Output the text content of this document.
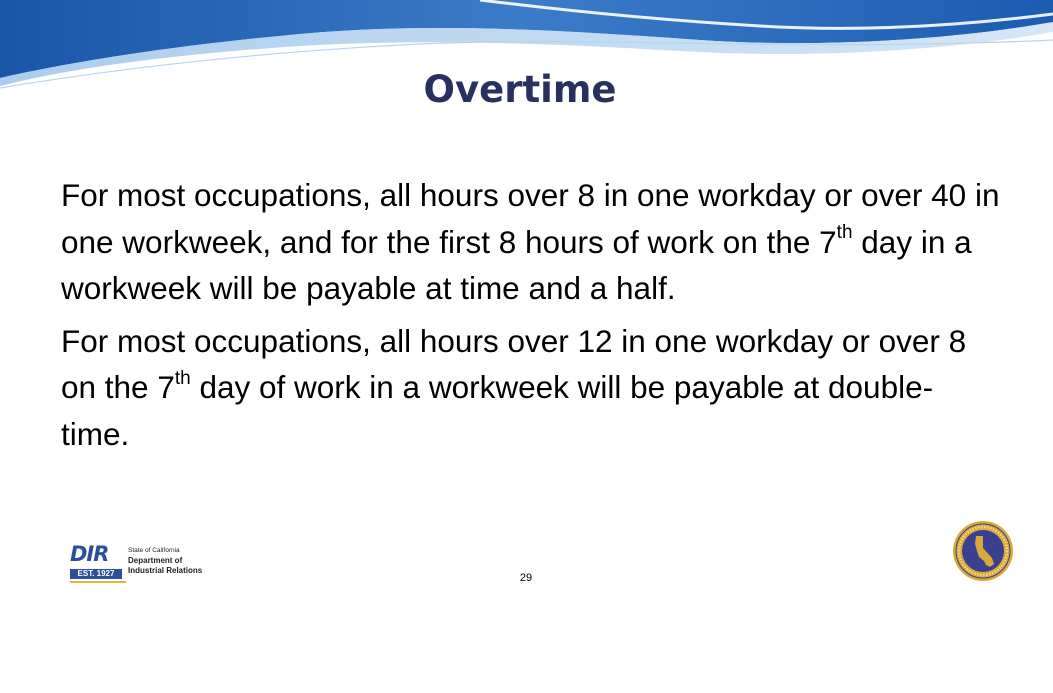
Overtime

For most occupations, all hours over 8 in one workday or over 40 in one workweek, and for the first 8 hours of work on the 7th day in a workweek will be payable at time and a half.

For most occupations, all hours over 12 in one workday or over 8 on the 7th day of work in a workweek will be payable at double-time.

DIR
EST. 1927
State of California
Department of
Industrial Relations
29
